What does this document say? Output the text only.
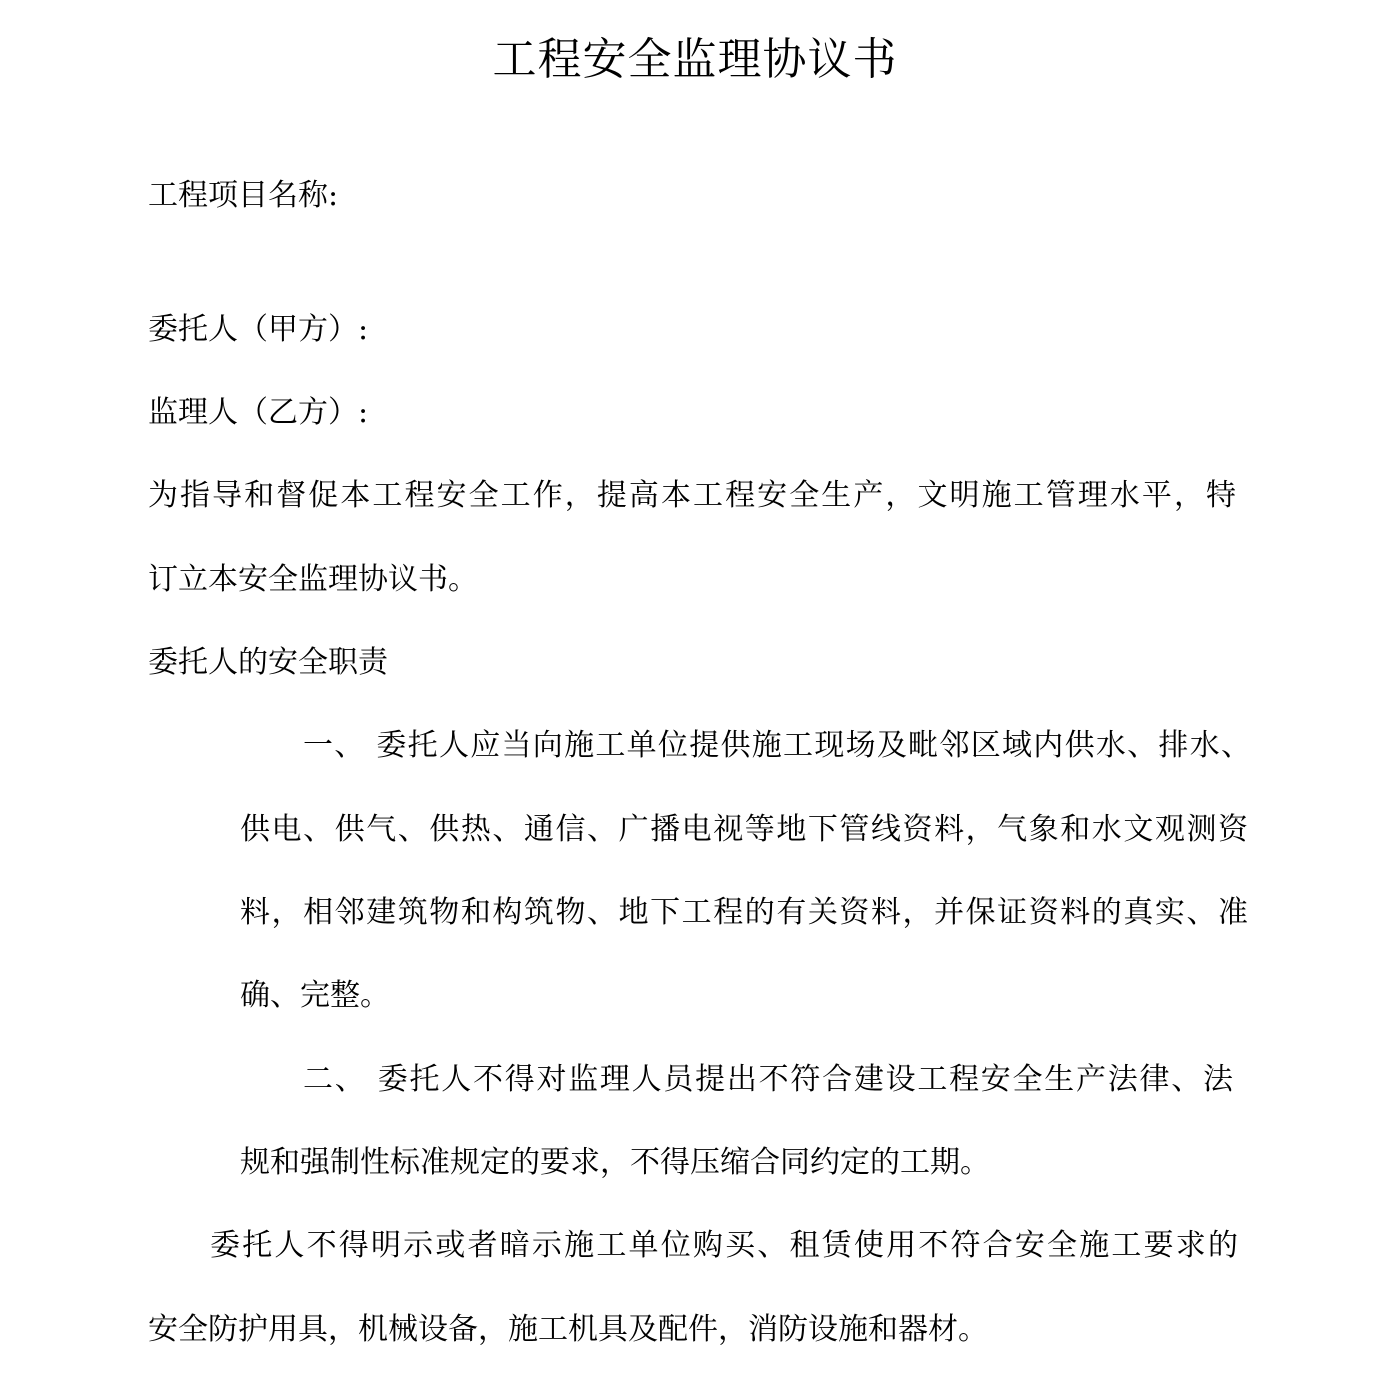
工程安全监理协议书
工程项目名称:
委托人（甲方）:
监理人（乙方）:
为指导和督促本工程安全工作，提高本工程安全生产，文明施工管理水平，特
订立本安全监理协议书。
委托人的安全职责
一、 委托人应当向施工单位提供施工现场及毗邻区域内供水、排水、
供电、供气、供热、通信、广播电视等地下管线资料，气象和水文观测资
料，相邻建筑物和构筑物、地下工程的有关资料，并保证资料的真实、准
确、完整。
二、 委托人不得对监理人员提出不符合建设工程安全生产法律、法
规和强制性标准规定的要求，不得压缩合同约定的工期。
委托人不得明示或者暗示施工单位购买、租赁使用不符合安全施工要求的
安全防护用具，机械设备，施工机具及配件，消防设施和器材。
